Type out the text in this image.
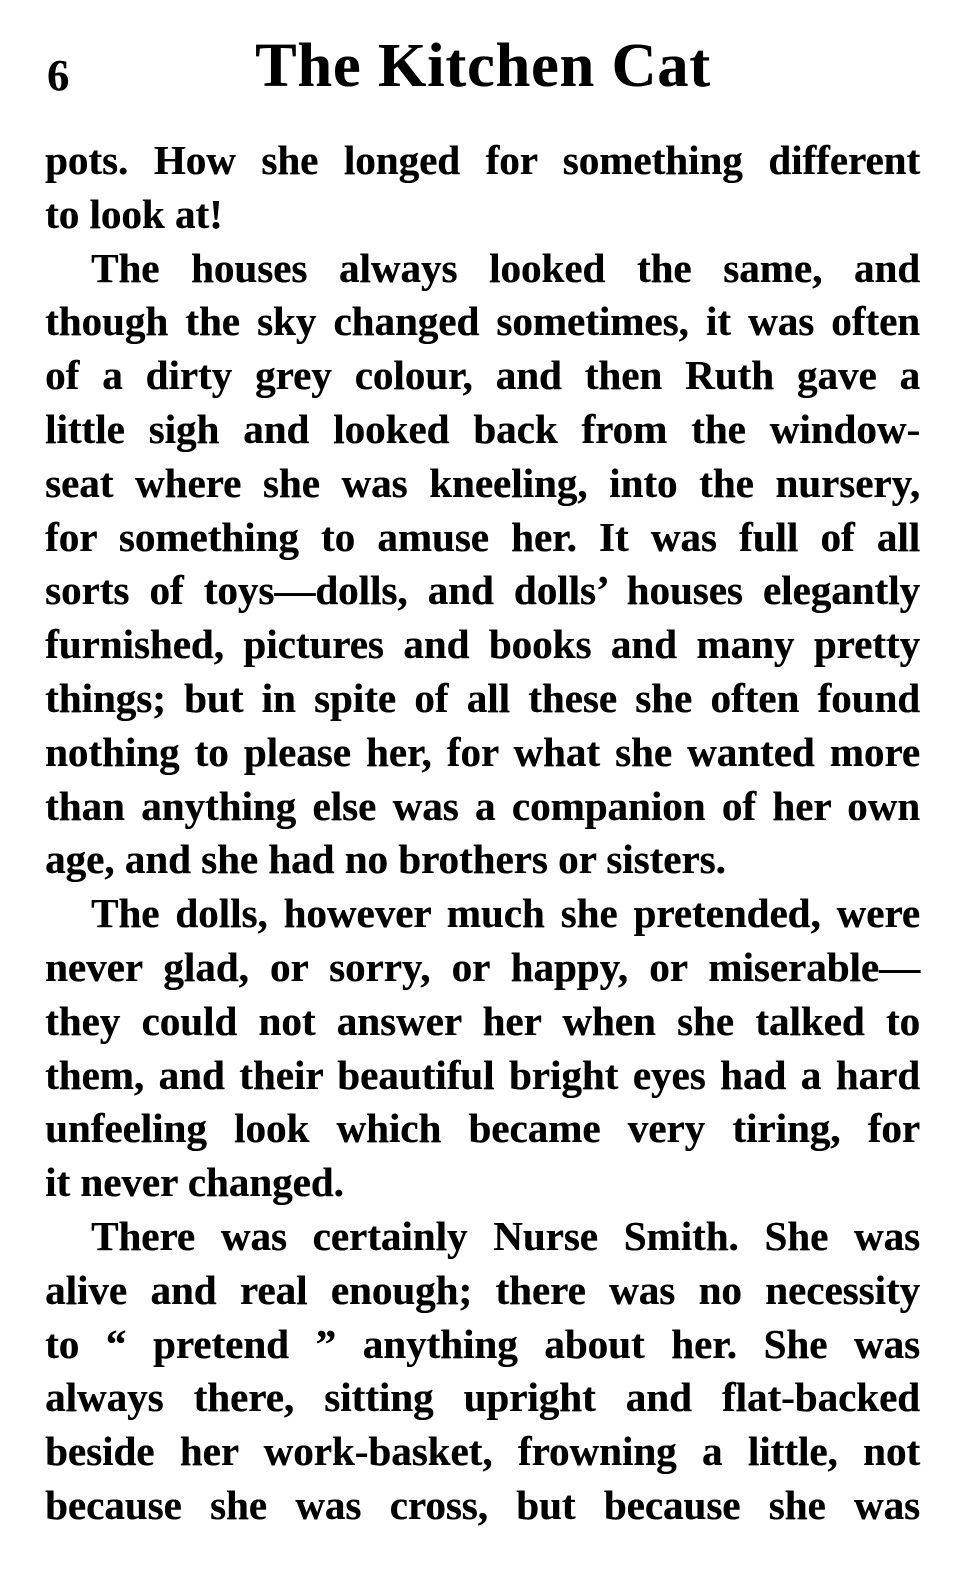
6	The Kitchen Cat

pots. How she longed for something different
to look at!

The houses always looked the same, and
though the sky changed sometimes, it was often
of a dirty grey colour, and then Ruth gave a
little sigh and looked back from the window-
seat where she was kneeling, into the nursery,
for something to amuse her. It was full of all
sorts of toys—dolls, and dolls’ houses elegantly
furnished, pictures and books and many pretty
things; but in spite of all these she often found
nothing to please her, for what she wanted more
than anything else was a companion of her own
age, and she had no brothers or sisters.

The dolls, however much she pretended, were
never glad, or sorry, or happy, or miserable—
they could not answer her when she talked to
them, and their beautiful bright eyes had a hard
unfeeling look which became very tiring, for
it never changed.

There was certainly Nurse Smith. She was
alive and real enough; there was no necessity
to “ pretend ” anything about her. She was
always there, sitting upright and flat-backed
beside her work-basket, frowning a little, not
because she was cross, but because she was
